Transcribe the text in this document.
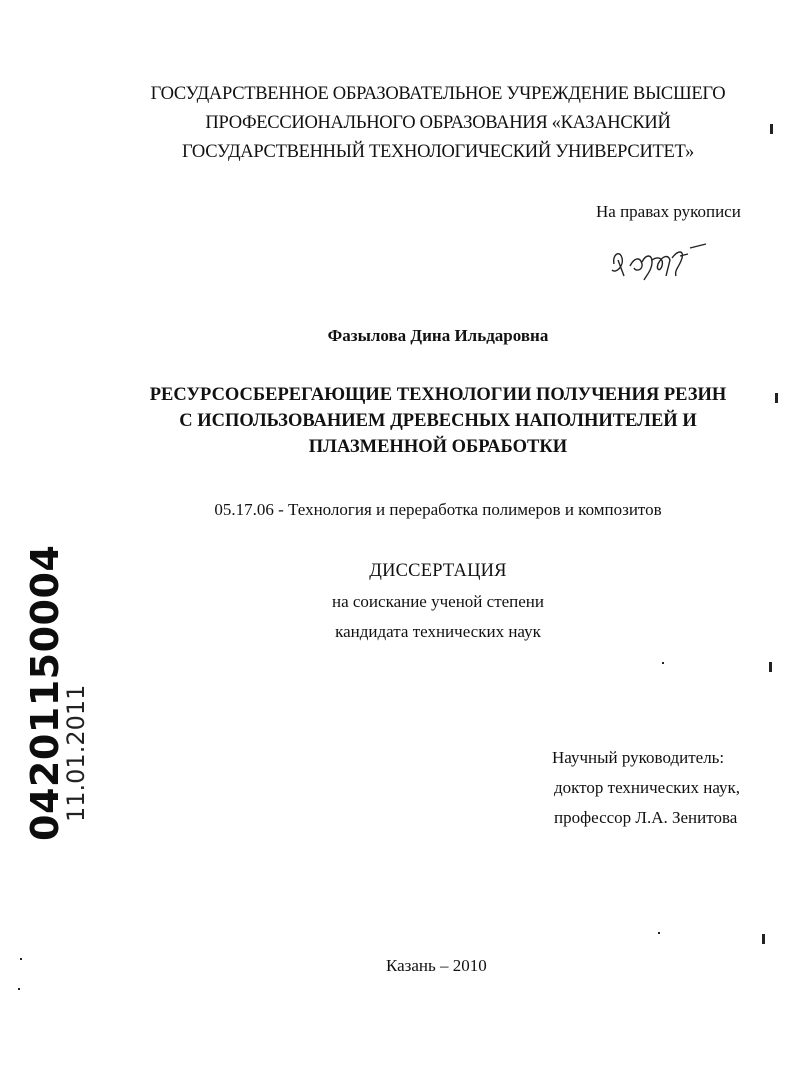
ГОСУДАРСТВЕННОЕ ОБРАЗОВАТЕЛЬНОЕ УЧРЕЖДЕНИЕ ВЫСШЕГО
ПРОФЕССИОНАЛЬНОГО ОБРАЗОВАНИЯ «КАЗАНСКИЙ
ГОСУДАРСТВЕННЫЙ ТЕХНОЛОГИЧЕСКИЙ УНИВЕРСИТЕТ»
На правах рукописи
Фазылова Дина Ильдаровна
РЕСУРСОСБЕРЕГАЮЩИЕ ТЕХНОЛОГИИ ПОЛУЧЕНИЯ РЕЗИН
С ИСПОЛЬЗОВАНИЕМ ДРЕВЕСНЫХ НАПОЛНИТЕЛЕЙ И
ПЛАЗМЕННОЙ ОБРАБОТКИ
05.17.06 - Технология и переработка полимеров и композитов
ДИССЕРТАЦИЯ
на соискание ученой степени
кандидата технических наук
Научный руководитель:
доктор технических наук,
профессор Л.А. Зенитова
Казань – 2010
04201150004
11.01.2011
